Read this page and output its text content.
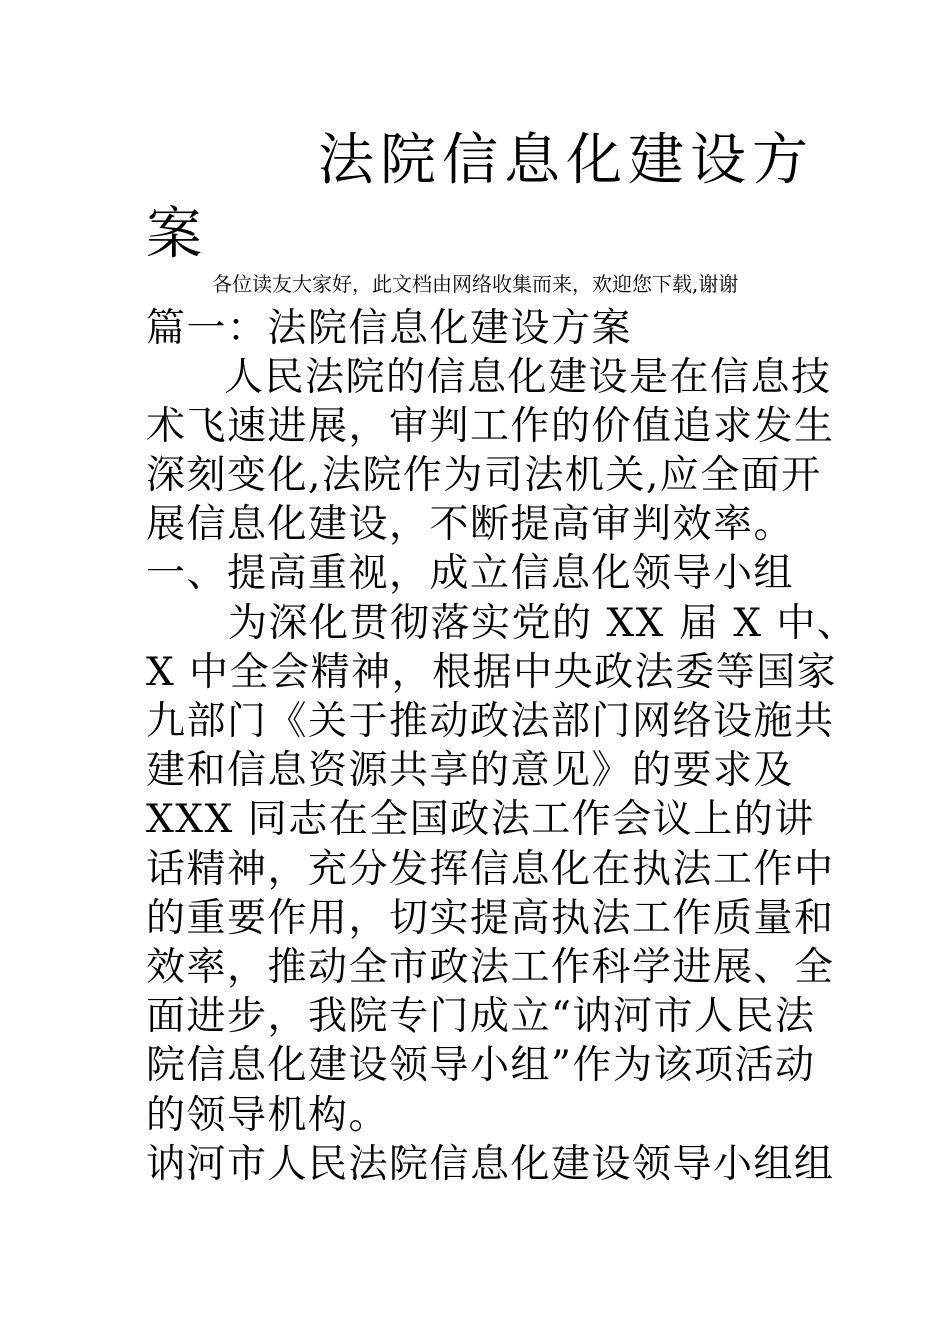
法院信息化建设方
案
各位读友大家好，此文档由网络收集而来，欢迎您下载,谢谢
篇一：法院信息化建设方案
人民法院的信息化建设是在信息技
术飞速进展，审判工作的价值追求发生
深刻变化,法院作为司法机关,应全面开
展信息化建设，不断提高审判效率。
一、提高重视，成立信息化领导小组
为深化贯彻落实党的 XX 届 X 中、
X 中全会精神，根据中央政法委等国家
九部门《关于推动政法部门网络设施共
建和信息资源共享的意见》的要求及
XXX 同志在全国政法工作会议上的讲
话精神，充分发挥信息化在执法工作中
的重要作用，切实提高执法工作质量和
效率，推动全市政法工作科学进展、全
面进步，我院专门成立“讷河市人民法
院信息化建设领导小组”作为该项活动
的领导机构。
讷河市人民法院信息化建设领导小组组
